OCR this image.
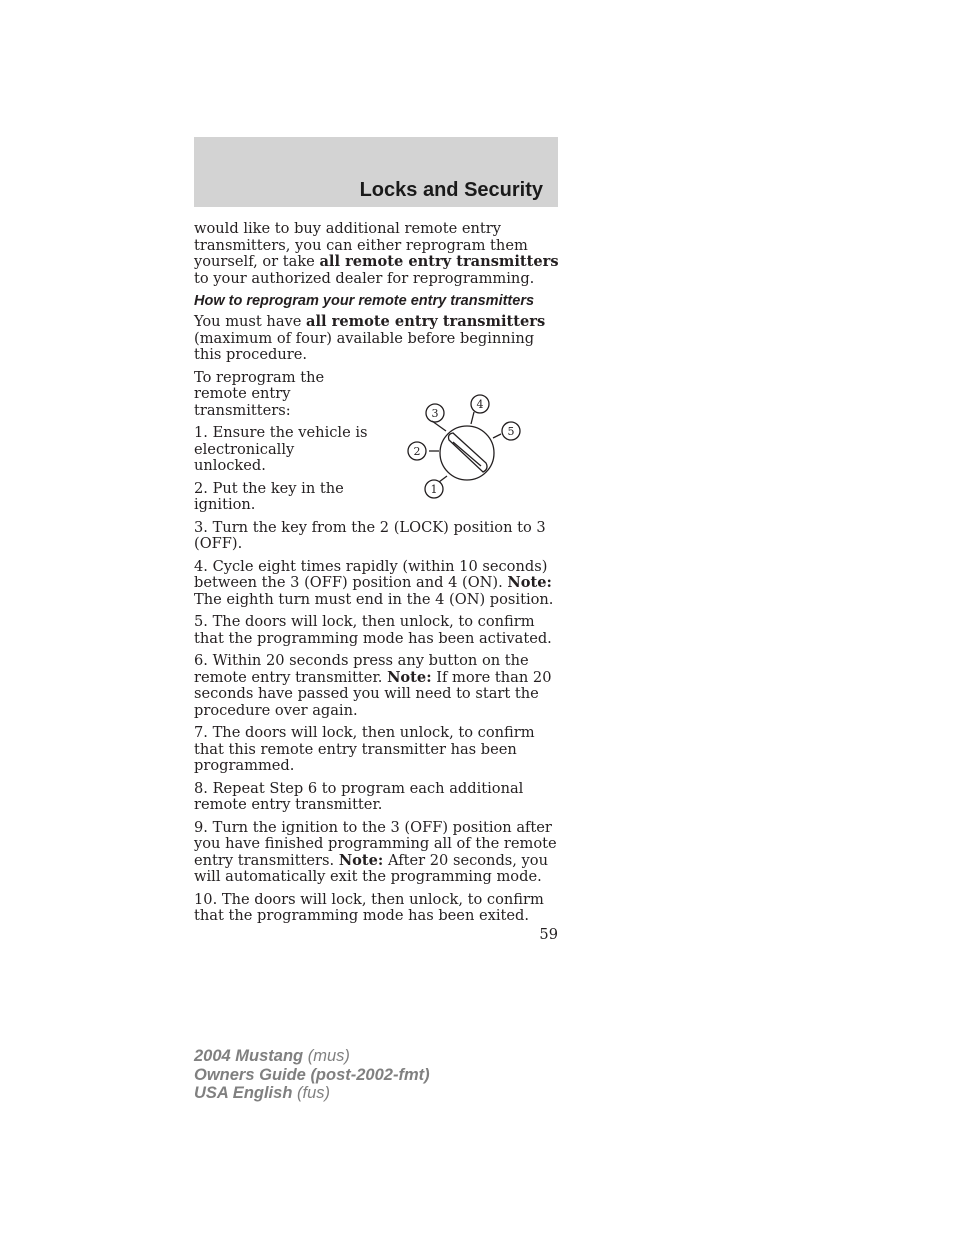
Locks and Security

would like to buy additional remote entry transmitters, you can either reprogram them yourself, or take all remote entry transmitters to your authorized dealer for reprogramming.

How to reprogram your remote entry transmitters

You must have all remote entry transmitters (maximum of four) available before beginning this procedure.

To reprogram the remote entry transmitters:

1. Ensure the vehicle is electronically unlocked.

2. Put the key in the ignition.

3. Turn the key from the 2 (LOCK) position to 3 (OFF).

4. Cycle eight times rapidly (within 10 seconds) between the 3 (OFF) position and 4 (ON). Note: The eighth turn must end in the 4 (ON) position.

5. The doors will lock, then unlock, to confirm that the programming mode has been activated.

6. Within 20 seconds press any button on the remote entry transmitter. Note: If more than 20 seconds have passed you will need to start the procedure over again.

7. The doors will lock, then unlock, to confirm that this remote entry transmitter has been programmed.

8. Repeat Step 6 to program each additional remote entry transmitter.

9. Turn the ignition to the 3 (OFF) position after you have finished programming all of the remote entry transmitters. Note: After 20 seconds, you will automatically exit the programming mode.

10. The doors will lock, then unlock, to confirm that the programming mode has been exited.

3
4
5
2
1
59
2004 Mustang (mus)
Owners Guide (post-2002-fmt)
USA English (fus)
